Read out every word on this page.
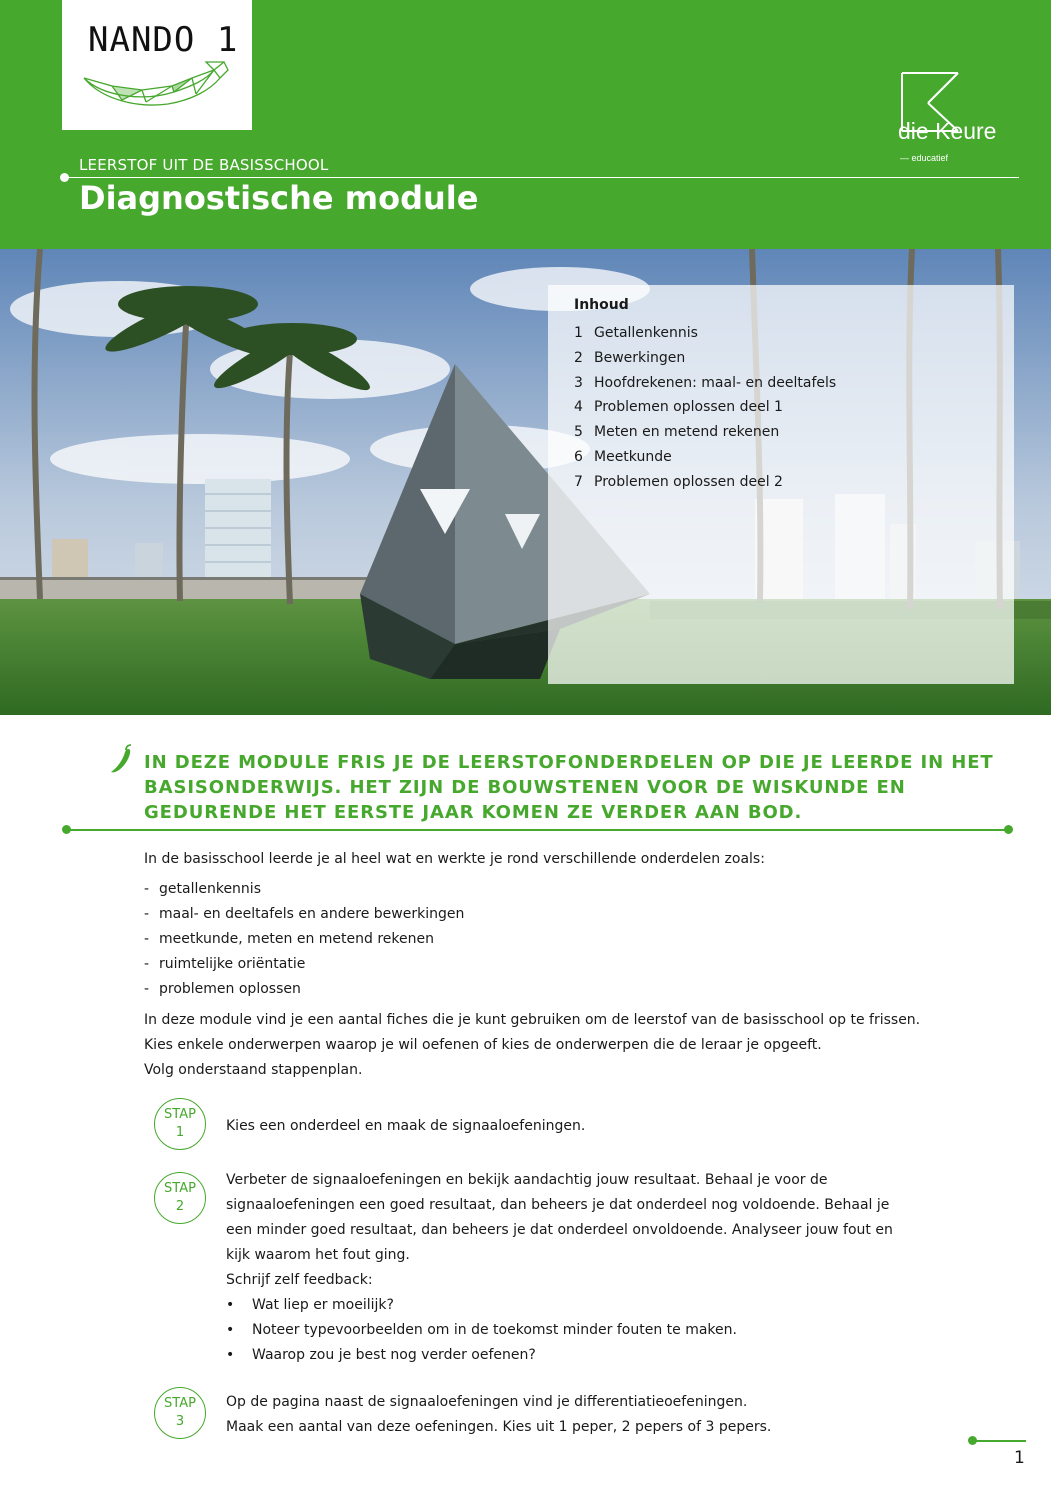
NANDO 1
die Keure
— educatief
LEERSTOF UIT DE BASISSCHOOL
Diagnostische module
Inhoud
1 Getallenkennis
2 Bewerkingen
3 Hoofdrekenen: maal- en deeltafels
4 Problemen oplossen deel 1
5 Meten en metend rekenen
6 Meetkunde
7 Problemen oplossen deel 2
IN DEZE MODULE FRIS JE DE LEERSTOFONDERDELEN OP DIE JE LEERDE IN HET BASISONDERWIJS. HET ZIJN DE BOUWSTENEN VOOR DE WISKUNDE EN GEDURENDE HET EERSTE JAAR KOMEN ZE VERDER AAN BOD.
In de basisschool leerde je al heel wat en werkte je rond verschillende onderdelen zoals:
- getallenkennis
- maal- en deeltafels en andere bewerkingen
- meetkunde, meten en metend rekenen
- ruimtelijke oriëntatie
- problemen oplossen
In deze module vind je een aantal fiches die je kunt gebruiken om de leerstof van de basisschool op te frissen.
Kies enkele onderwerpen waarop je wil oefenen of kies de onderwerpen die de leraar je opgeeft.
Volg onderstaand stappenplan.
STAP
1	Kies een onderdeel en maak de signaaloefeningen.
STAP
2
Verbeter de signaaloefeningen en bekijk aandachtig jouw resultaat. Behaal je voor de
signaaloefeningen een goed resultaat, dan beheers je dat onderdeel nog voldoende. Behaal je
een minder goed resultaat, dan beheers je dat onderdeel onvoldoende. Analyseer jouw fout en
kijk waarom het fout ging.
Schrijf zelf feedback:
• Wat liep er moeilijk?
• Noteer typevoorbeelden om in de toekomst minder fouten te maken.
• Waarop zou je best nog verder oefenen?
STAP
3
Op de pagina naast de signaaloefeningen vind je differentiatieoefeningen.
Maak een aantal van deze oefeningen. Kies uit 1 peper, 2 pepers of 3 pepers.
1
